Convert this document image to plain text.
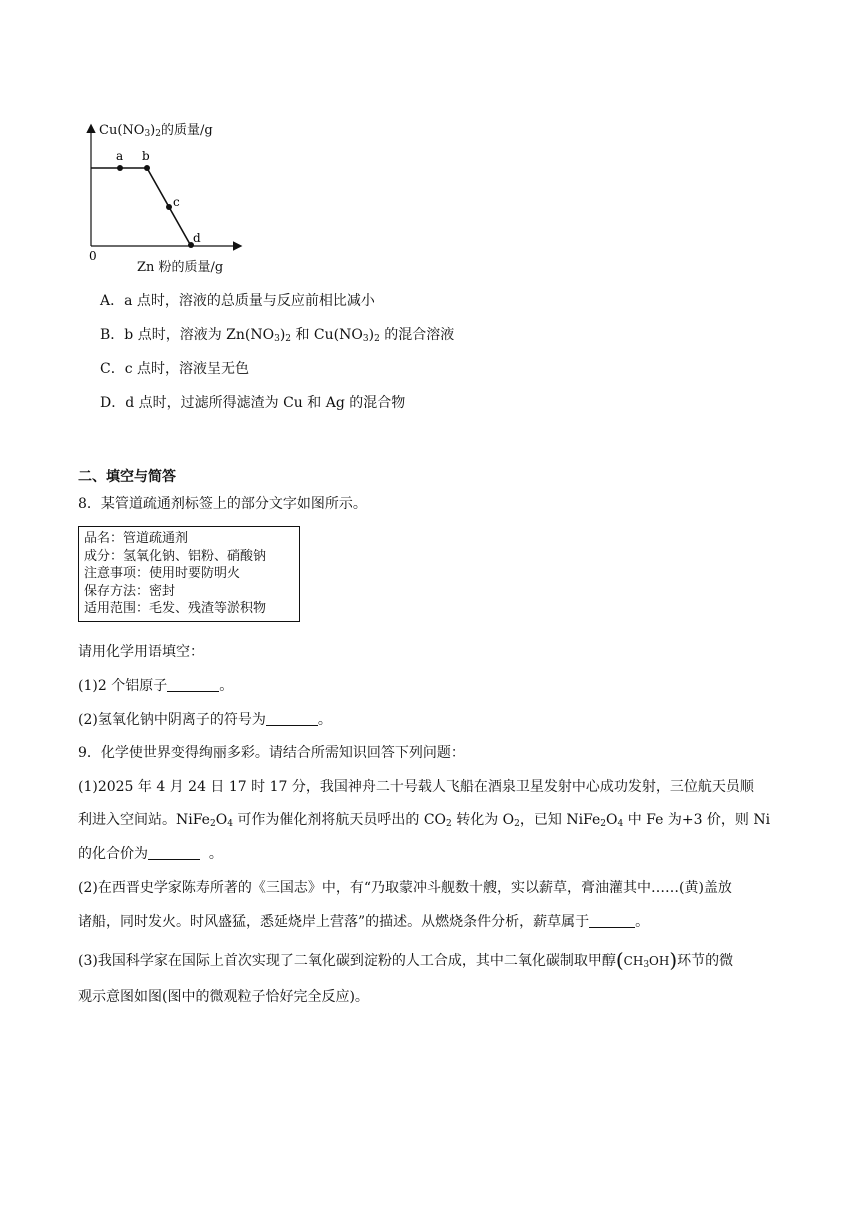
a b
c
d
0
$Cu(NO_3)_2$的质量/g
Zn 粉的质量/g
A．a 点时，溶液的总质量与反应前相比减小
B．b 点时，溶液为 $Zn(NO_3)_2$ 和 $Cu(NO_3)_2$ 的混合溶液
C．c 点时，溶液呈无色
D．d 点时，过滤所得滤渣为 Cu 和 Ag 的混合物
二、填空与简答
8．某管道疏通剂标签上的部分文字如图所示。
品名：管道疏通剂
成分：氢氧化钠、铝粉、硝酸钠
注意事项：使用时要防明火
保存方法：密封
适用范围：毛发、残渣等淤积物
请用化学用语填空：
(1)2 个铝原子	。
(2)氢氧化钠中阴离子的符号为	。
9．化学使世界变得绚丽多彩。请结合所需知识回答下列问题：
(1)2025 年 4 月 24 日 17 时 17 分，我国神舟二十号载人飞船在酒泉卫星发射中心成功发射，三位航天员顺
利进入空间站。$NiFe_2O_4$ 可作为催化剂将航天员呼出的 $CO_2$ 转化为 $O_2$，已知 $NiFe_2O_4$ 中 Fe 为+3 价，则 Ni
的化合价为	。
(2)在西晋史学家陈寿所著的《三国志》中，有“乃取蒙冲斗舰数十艘，实以薪草，膏油灌其中……(黄)盖放
诸船，同时发火。时风盛猛，悉延烧岸上营落”的描述。从燃烧条件分析，薪草属于	。
(3)我国科学家在国际上首次实现了二氧化碳到淀粉的人工合成，其中二氧化碳制取甲醇$(CH_3OH)$环节的微
观示意图如图(图中的微观粒子恰好完全反应)。
